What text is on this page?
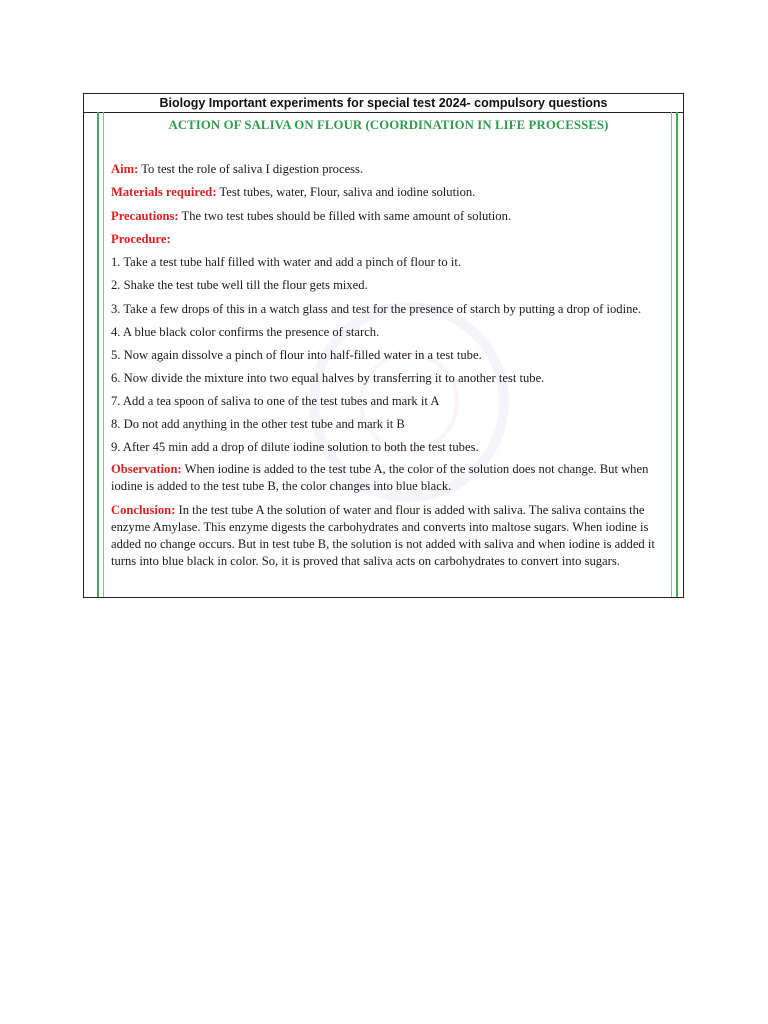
Biology Important experiments for special test 2024- compulsory questions
ACTION OF SALIVA ON FLOUR (COORDINATION IN LIFE PROCESSES)

Aim: To test the role of saliva I digestion process.

Materials required: Test tubes, water, Flour, saliva and iodine solution.

Precautions: The two test tubes should be filled with same amount of solution.

Procedure:

1. Take a test tube half filled with water and add a pinch of flour to it.

2. Shake the test tube well till the flour gets mixed.

3. Take a few drops of this in a watch glass and test for the presence of starch by putting a drop of iodine.

4. A blue black color confirms the presence of starch.

5. Now again dissolve a pinch of flour into half-filled water in a test tube.

6. Now divide the mixture into two equal halves by transferring it to another test tube.

7. Add a tea spoon of saliva to one of the test tubes and mark it A

8. Do not add anything in the other test tube and mark it B

9. After 45 min add a drop of dilute iodine solution to both the test tubes.

Observation: When iodine is added to the test tube A, the color of the solution does not change. But when iodine is added to the test tube B, the color changes into blue black.

Conclusion: In the test tube A the solution of water and flour is added with saliva. The saliva contains the enzyme Amylase. This enzyme digests the carbohydrates and converts into maltose sugars. When iodine is added no change occurs. But in test tube B, the solution is not added with saliva and when iodine is added it turns into blue black in color. So, it is proved that saliva acts on carbohydrates to convert into sugars.
